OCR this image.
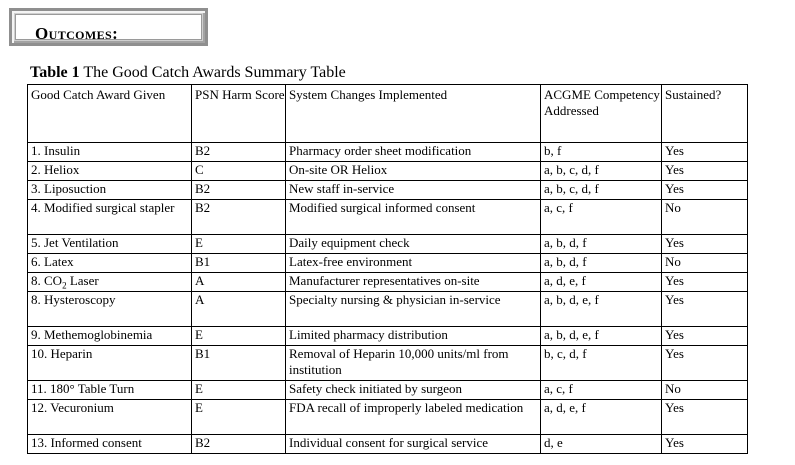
Outcomes:
Table 1 The Good Catch Awards Summary Table
Good Catch Award Given	PSN Harm Score	System Changes Implemented	ACGME Competency Addressed	Sustained?
1. Insulin	B2	Pharmacy order sheet modification	b, f	Yes
2. Heliox	C	On-site OR Heliox	a, b, c, d, f	Yes
3. Liposuction	B2	New staff in-service	a, b, c, d, f	Yes
4. Modified surgical stapler	B2	Modified surgical informed consent	a, c, f	No
5. Jet Ventilation	E	Daily equipment check	a, b, d, f	Yes
6. Latex	B1	Latex-free environment	a, b, d, f	No
8. $CO_2$ Laser	A	Manufacturer representatives on-site	a, d, e, f	Yes
8. Hysteroscopy	A	Specialty nursing & physician in-service	a, b, d, e, f	Yes
9. Methemoglobinemia	E	Limited pharmacy distribution	a, b, d, e, f	Yes
10. Heparin	B1	Removal of Heparin 10,000 units/ml from institution	b, c, d, f	Yes
11. 180° Table Turn	E	Safety check initiated by surgeon	a, c, f	No
12. Vecuronium	E	FDA recall of improperly labeled medication	a, d, e, f	Yes
13. Informed consent	B2	Individual consent for surgical service	d, e	Yes
